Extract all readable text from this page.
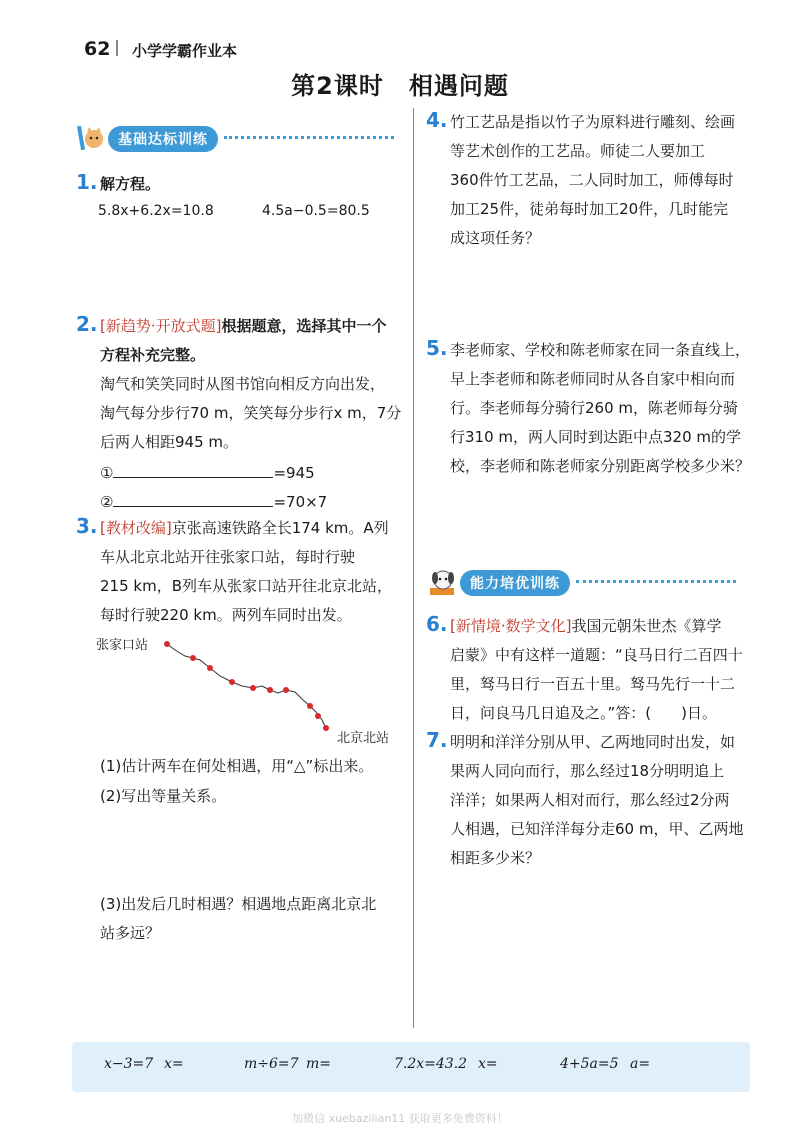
62 小学学霸作业本
第2课时　相遇问题
基础达标训练
1. 解方程。
5.8x+6.2x=10.8	4.5a−0.5=80.5
2. [新趋势·开放式题]根据题意，选择其中一个
方程补充完整。
淘气和笑笑同时从图书馆向相反方向出发，
淘气每分步行70 m，笑笑每分步行x m，7分
后两人相距945 m。
①	=945
②	=70×7
3. [教材改编]京张高速铁路全长174 km。A列
车从北京北站开往张家口站，每时行驶
215 km，B列车从张家口站开往北京北站，
每时行驶220 km。两列车同时出发。
张家口站
北京北站
(1)估计两车在何处相遇，用“△”标出来。
(2)写出等量关系。
(3)出发后几时相遇？相遇地点距离北京北
站多远？
4. 竹工艺品是指以竹子为原料进行雕刻、绘画
等艺术创作的工艺品。师徒二人要加工
360件竹工艺品，二人同时加工，师傅每时
加工25件，徒弟每时加工20件，几时能完
成这项任务？
5. 李老师家、学校和陈老师家在同一条直线上，
早上李老师和陈老师同时从各自家中相向而
行。李老师每分骑行260 m，陈老师每分骑
行310 m，两人同时到达距中点320 m的学
校，李老师和陈老师家分别距离学校多少米？
能力培优训练
6. [新情境·数学文化]我国元朝朱世杰《算学
启蒙》中有这样一道题：“良马日行二百四十
里，驽马日行一百五十里。驽马先行一十二
日，问良马几日追及之。”答：(　　)日。
7. 明明和洋洋分别从甲、乙两地同时出发，如
果两人同向而行，那么经过18分明明追上
洋洋；如果两人相对而行，那么经过2分两
人相遇，已知洋洋每分走60 m，甲、乙两地
相距多少米？
x−3=7 x=	m÷6=7 m=	7.2x=43.2 x=	4+5a=5 a=
加微信 xuebazilian11 获取更多免费资料！
